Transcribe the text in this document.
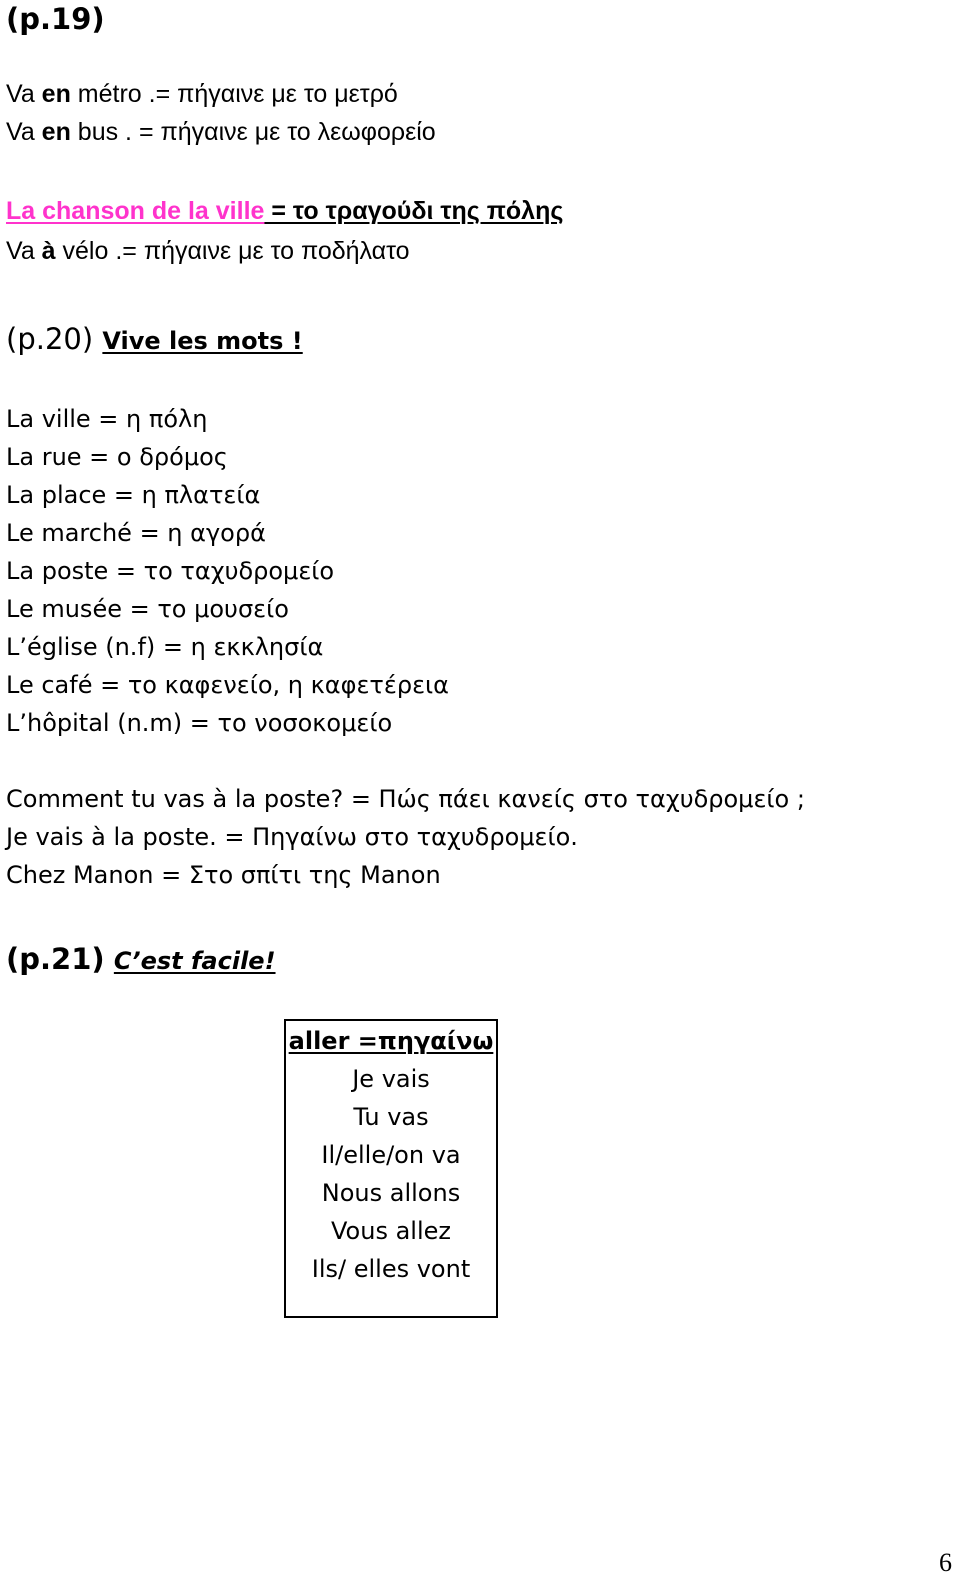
(p.19)
Va en métro .= πήγαινε με το μετρό
Va en bus . = πήγαινε με το λεωφορείο
La chanson de la ville = το τραγούδι της πόλης
Va à vélo .= πήγαινε με το ποδήλατο
(p.20) Vive les mots !
La ville = η πόλη
La rue = ο δρόμος
La place = η πλατεία
Le marché = η αγορά
La poste = το ταχυδρομείο
Le musée = το μουσείο
L’église (n.f) = η εκκλησία
Le café = το καφενείο, η καφετέρεια
L’hôpital (n.m) = το νοσοκομείο
Comment tu vas à la poste? = Πώς πάει κανείς στο ταχυδρομείο ;
Je vais à la poste. = Πηγαίνω στο ταχυδρομείο.
Chez Manon = Στο σπίτι της Manon
(p.21) C’est facile!
aller =πηγαίνω
Je vais
Tu vas
Il/elle/on va
Nous allons
Vous allez
Ils/ elles vont
6
